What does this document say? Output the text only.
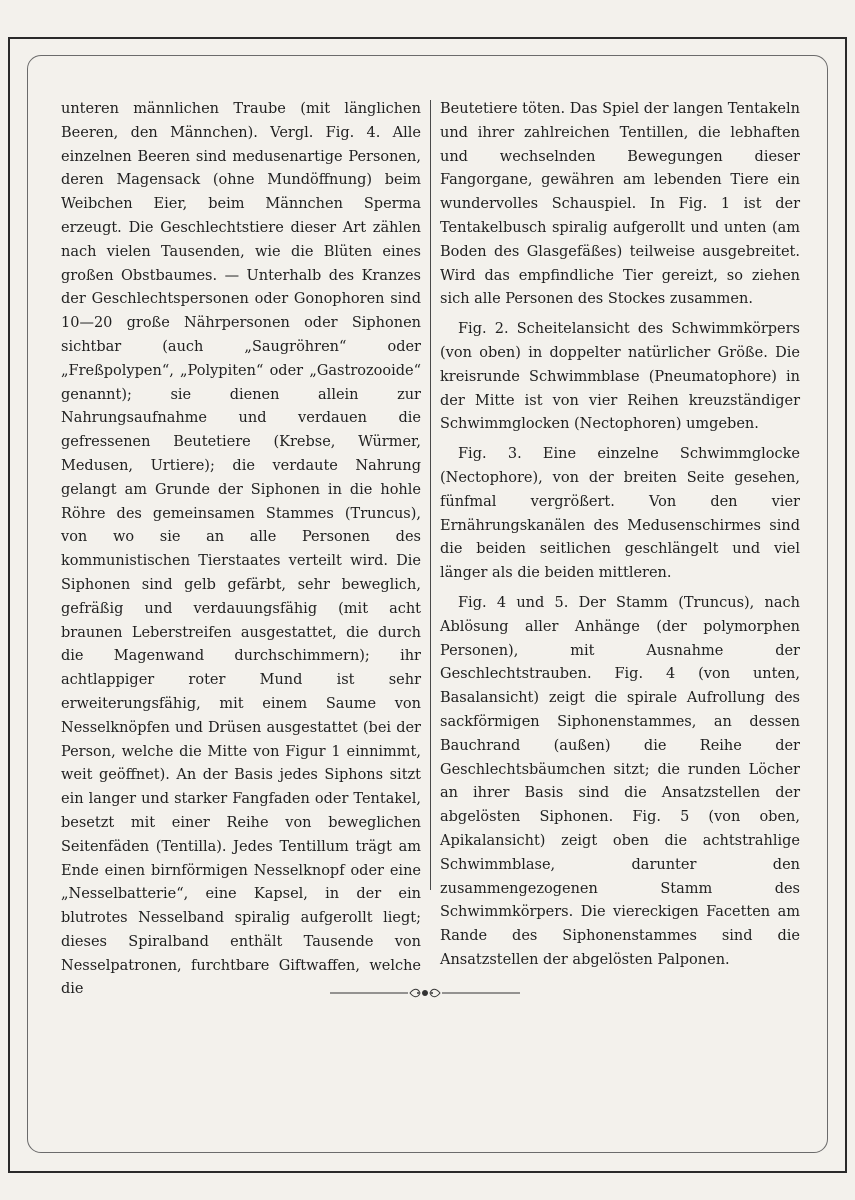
unteren männlichen Traube (mit länglichen Beeren, den Männchen). Vergl. Fig. 4. Alle einzelnen Beeren sind medusenartige Personen, deren Magensack (ohne Mundöffnung) beim Weibchen Eier, beim Männchen Sperma erzeugt. Die Geschlechtstiere dieser Art zählen nach vielen Tausenden, wie die Blüten eines großen Obstbaumes. — Unterhalb des Kranzes der Geschlechtspersonen oder Gonophoren sind 10—20 große Nährpersonen oder Siphonen sichtbar (auch „Saugröhren“ oder „Freßpolypen“, „Polypiten“ oder „Gastrozooide“ genannt); sie dienen allein zur Nahrungsaufnahme und verdauen die gefressenen Beutetiere (Krebse, Würmer, Medusen, Urtiere); die verdaute Nahrung gelangt am Grunde der Siphonen in die hohle Röhre des gemeinsamen Stammes (Truncus), von wo sie an alle Personen des kommunistischen Tierstaates verteilt wird. Die Siphonen sind gelb gefärbt, sehr beweglich, gefräßig und verdauungsfähig (mit acht braunen Leberstreifen ausgestattet, die durch die Magenwand durchschimmern); ihr achtlappiger roter Mund ist sehr erweiterungsfähig, mit einem Saume von Nesselknöpfen und Drüsen ausgestattet (bei der Person, welche die Mitte von Figur 1 einnimmt, weit geöffnet). An der Basis jedes Siphons sitzt ein langer und starker Fangfaden oder Tentakel, besetzt mit einer Reihe von beweglichen Seitenfäden (Tentilla). Jedes Tentillum trägt am Ende einen birnförmigen Nesselknopf oder eine „Nesselbatterie“, eine Kapsel, in der ein blutrotes Nesselband spiralig aufgerollt liegt; dieses Spiralband enthält Tausende von Nesselpatronen, furchtbare Giftwaffen, welche die

Beutetiere töten. Das Spiel der langen Tentakeln und ihrer zahlreichen Tentillen, die lebhaften und wechselnden Bewegungen dieser Fangorgane, gewähren am lebenden Tiere ein wundervolles Schauspiel. In Fig. 1 ist der Tentakelbusch spiralig aufgerollt und unten (am Boden des Glasgefäßes) teilweise ausgebreitet. Wird das empfindliche Tier gereizt, so ziehen sich alle Personen des Stockes zusammen.

Fig. 2. Scheitelansicht des Schwimmkörpers (von oben) in doppelter natürlicher Größe. Die kreisrunde Schwimmblase (Pneumatophore) in der Mitte ist von vier Reihen kreuzständiger Schwimmglocken (Nectophoren) umgeben.

Fig. 3. Eine einzelne Schwimmglocke (Nectophore), von der breiten Seite gesehen, fünfmal vergrößert. Von den vier Ernährungskanälen des Medusenschirmes sind die beiden seitlichen geschlängelt und viel länger als die beiden mittleren.

Fig. 4 und 5. Der Stamm (Truncus), nach Ablösung aller Anhänge (der polymorphen Personen), mit Ausnahme der Geschlechtstrauben. Fig. 4 (von unten, Basalansicht) zeigt die spirale Aufrollung des sackförmigen Siphonenstammes, an dessen Bauchrand (außen) die Reihe der Geschlechtsbäumchen sitzt; die runden Löcher an ihrer Basis sind die Ansatzstellen der abgelösten Siphonen. Fig. 5 (von oben, Apikalansicht) zeigt oben die achtstrahlige Schwimmblase, darunter den zusammengezogenen Stamm des Schwimmkörpers. Die viereckigen Facetten am Rande des Siphonenstammes sind die Ansatzstellen der abgelösten Palponen.
